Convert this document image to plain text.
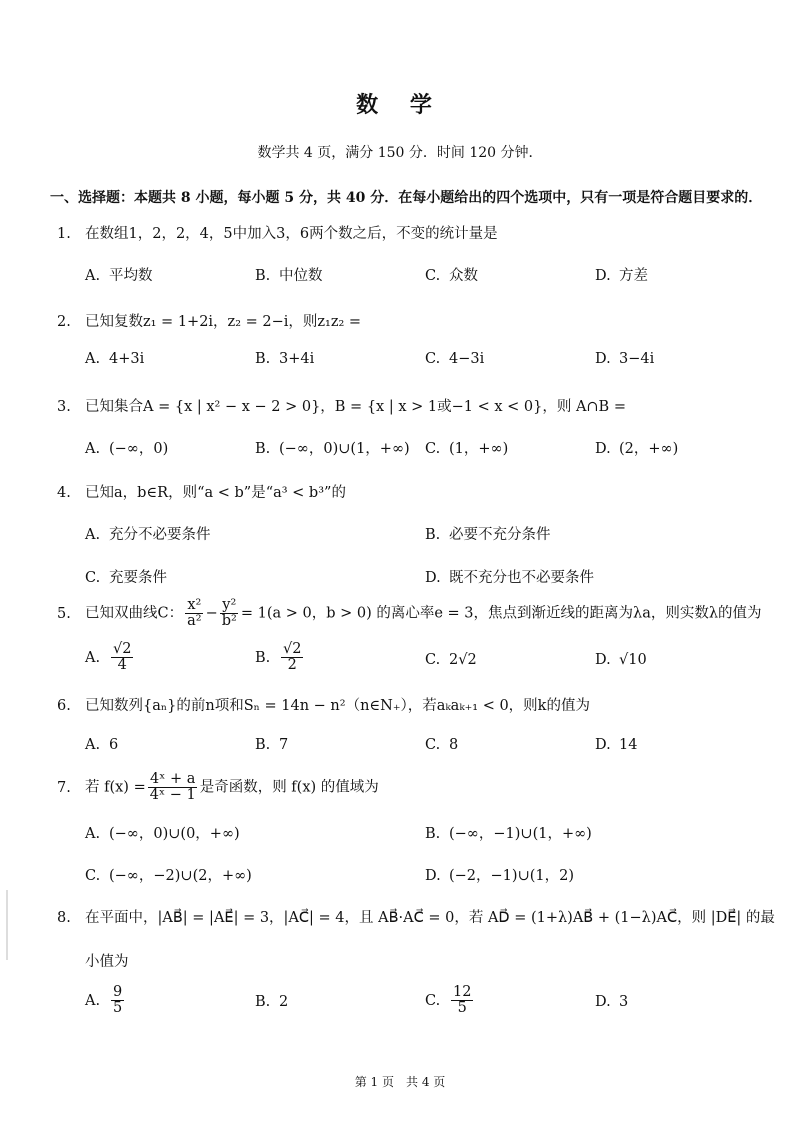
数 学
数学共 4 页，满分 150 分．时间 120 分钟．
一、选择题：本题共 8 小题，每小题 5 分，共 40 分．在每小题给出的四个选项中，只有一项是符合题目要求的．
1. 在数组1，2，2，4，5中加入3，6两个数之后，不变的统计量是
A. 平均数	B. 中位数	C. 众数	D. 方差
2. 已知复数z₁ = 1+2i，z₂ = 2−i，则z₁z₂ =
A. 4+3i	B. 3+4i	C. 4−3i	D. 3−4i
3. 已知集合A = {x | x² − x − 2 > 0}，B = {x | x > 1或−1 < x < 0}，则 A∩B =
A. (−∞，0)	B. (−∞，0)∪(1，+∞) C. (1，+∞)	D. (2，+∞)
4. 已知a，b∈R，则“a < b”是“a³ < b³”的
A. 充分不必要条件	B. 必要不充分条件
C. 充要条件	D. 既不充分也不必要条件
5. 已知双曲线C： $\frac{\text{x²}}{\text{a²}} - \frac{\text{y²}}{\text{b²}} = 1(a > 0$，b > 0) 的离心率e = 3，焦点到渐近线的距离为λa，则实数λ的值为
A. $\frac{√2}{4}$	B. $\frac{√2}{2}$	C. 2√2	D. √10
6. 已知数列{aₙ}的前n项和Sₙ = 14n − n²（n∈N₊），若aₖaₖ₊₁ < 0，则k的值为
A. 6	B. 7	C. 8	D. 14
7. 若 $f(x) = \frac{\text{4ˣ + a}}{\text{4ˣ − 1}}$ 是奇函数，则 f(x) 的值域为
A. (−∞，0)∪(0，+∞)	B. (−∞，−1)∪(1，+∞)
C. (−∞，−2)∪(2，+∞)	D. (−2，−1)∪(1，2)
8. 在平面中，|AB⃗| = |AE⃗| = 3，|AC⃗| = 4，且 AB⃗·AC⃗ = 0，若 AD⃗ = (1+λ)AB⃗ + (1−λ)AC⃗，则 |DE⃗| 的最
小值为
A. $\frac{9}{5}$	B. 2	C. $\frac{12}{5}$	D. 3
第 1 页　共 4 页
